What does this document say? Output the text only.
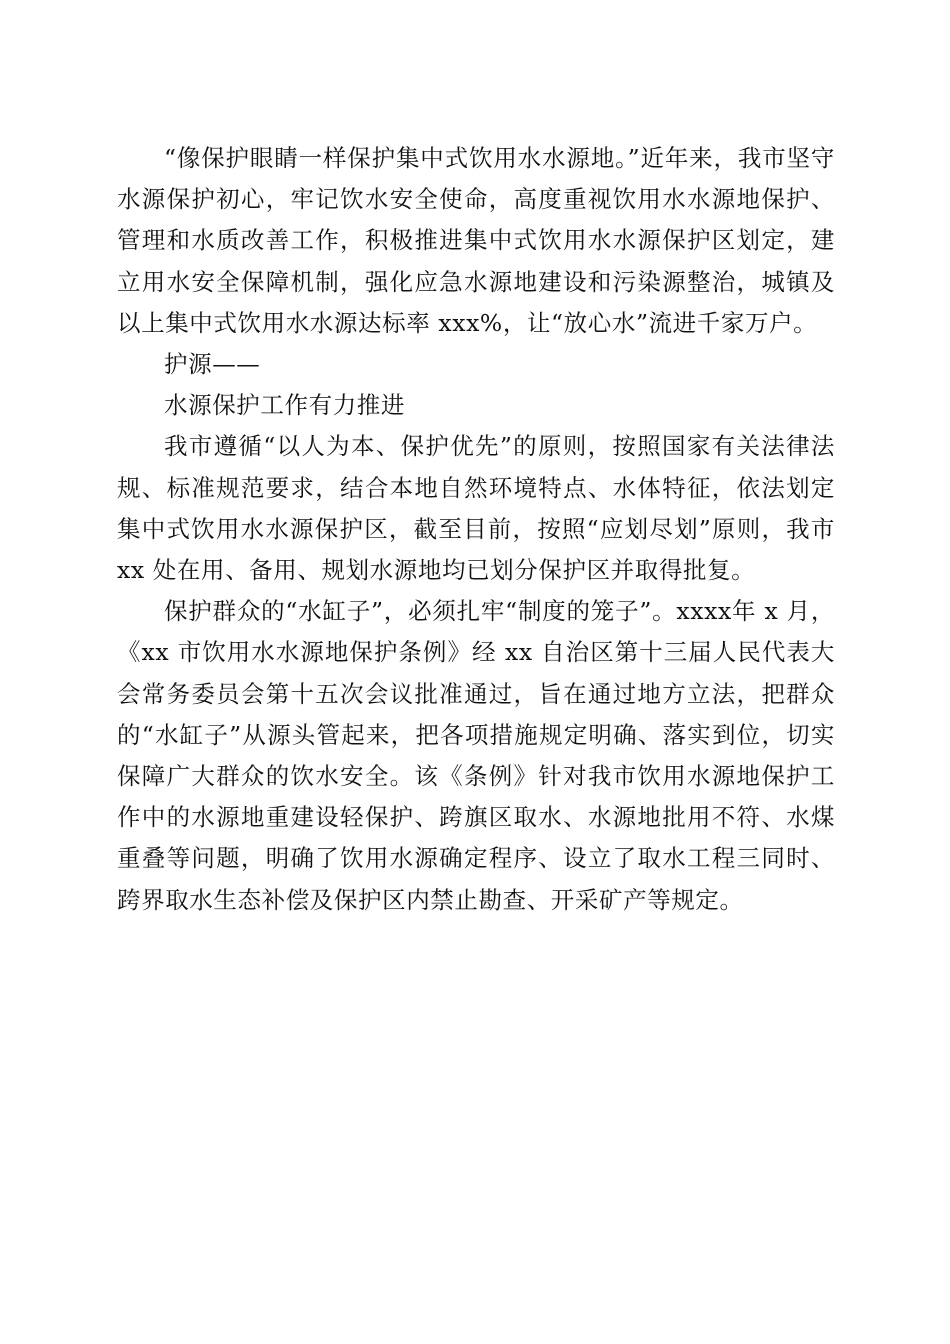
“像保护眼睛一样保护集中式饮用水水源地。”近年来，我市坚守水源保护初心，牢记饮水安全使命，高度重视饮用水水源地保护、管理和水质改善工作，积极推进集中式饮用水水源保护区划定，建立用水安全保障机制，强化应急水源地建设和污染源整治，城镇及以上集中式饮用水水源达标率 xxx%，让“放心水”流进千家万户。

护源——

水源保护工作有力推进

我市遵循“以人为本、保护优先”的原则，按照国家有关法律法规、标准规范要求，结合本地自然环境特点、水体特征，依法划定集中式饮用水水源保护区，截至目前，按照“应划尽划”原则，我市 xx 处在用、备用、规划水源地均已划分保护区并取得批复。

保护群众的“水缸子”，必须扎牢“制度的笼子”。xxxx年 x 月，《xx 市饮用水水源地保护条例》经 xx 自治区第十三届人民代表大会常务委员会第十五次会议批准通过，旨在通过地方立法，把群众的“水缸子”从源头管起来，把各项措施规定明确、落实到位，切实保障广大群众的饮水安全。该《条例》针对我市饮用水源地保护工作中的水源地重建设轻保护、跨旗区取水、水源地批用不符、水煤重叠等问题，明确了饮用水源确定程序、设立了取水工程三同时、跨界取水生态补偿及保护区内禁止勘查、开采矿产等规定。
